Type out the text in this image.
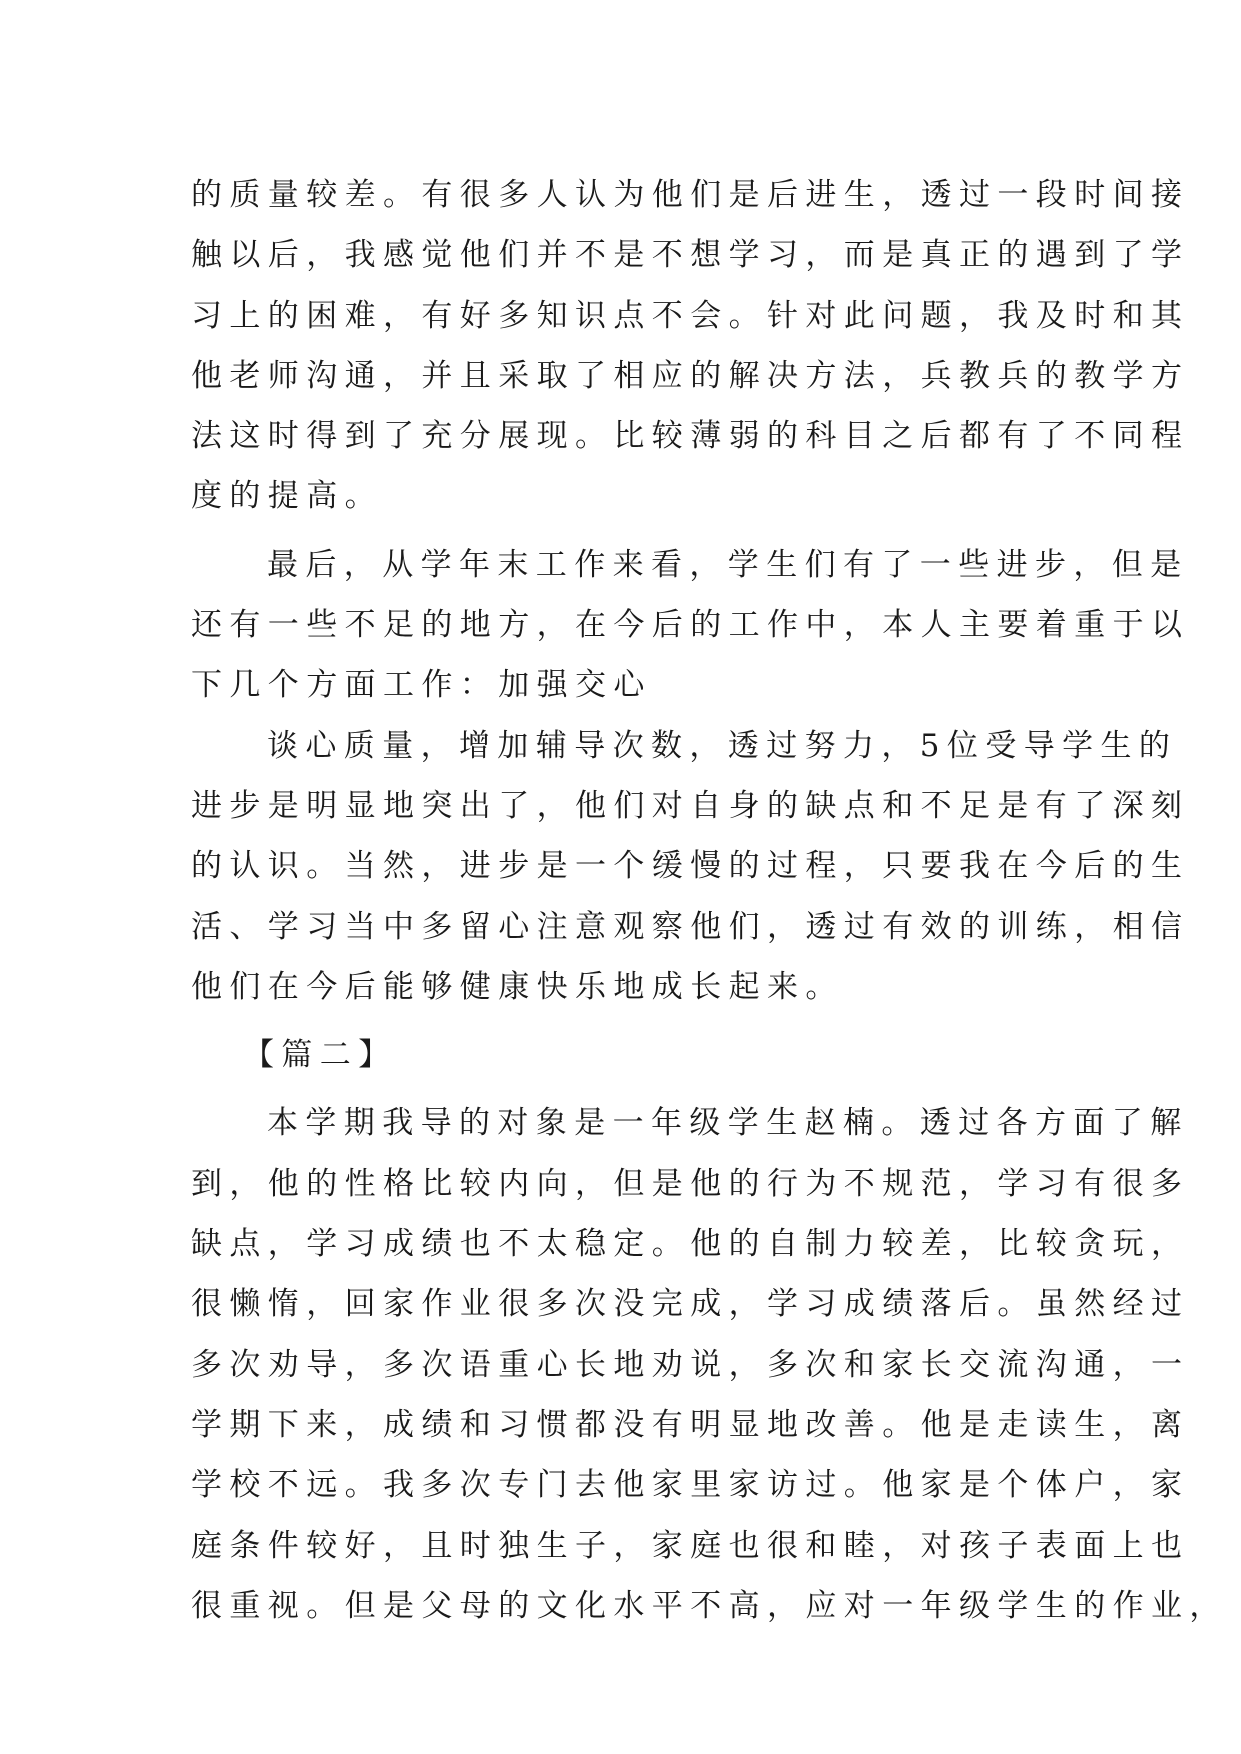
的质量较差。有很多人认为他们是后进生，透过一段时间接
触以后，我感觉他们并不是不想学习，而是真正的遇到了学
习上的困难，有好多知识点不会。针对此问题，我及时和其
他老师沟通，并且采取了相应的解决方法，兵教兵的教学方
法这时得到了充分展现。比较薄弱的科目之后都有了不同程
度的提高。
最后，从学年末工作来看，学生们有了一些进步，但是
还有一些不足的地方，在今后的工作中，本人主要着重于以
下几个方面工作：加强交心
谈心质量，增加辅导次数，透过努力，5位受导学生的
进步是明显地突出了，他们对自身的缺点和不足是有了深刻
的认识。当然，进步是一个缓慢的过程，只要我在今后的生
活、学习当中多留心注意观察他们，透过有效的训练，相信
他们在今后能够健康快乐地成长起来。
【篇二】
本学期我导的对象是一年级学生赵楠。透过各方面了解
到，他的性格比较内向，但是他的行为不规范，学习有很多
缺点，学习成绩也不太稳定。他的自制力较差，比较贪玩，
很懒惰，回家作业很多次没完成，学习成绩落后。虽然经过
多次劝导，多次语重心长地劝说，多次和家长交流沟通，一
学期下来，成绩和习惯都没有明显地改善。他是走读生，离
学校不远。我多次专门去他家里家访过。他家是个体户，家
庭条件较好，且时独生子，家庭也很和睦，对孩子表面上也
很重视。但是父母的文化水平不高，应对一年级学生的作业，
